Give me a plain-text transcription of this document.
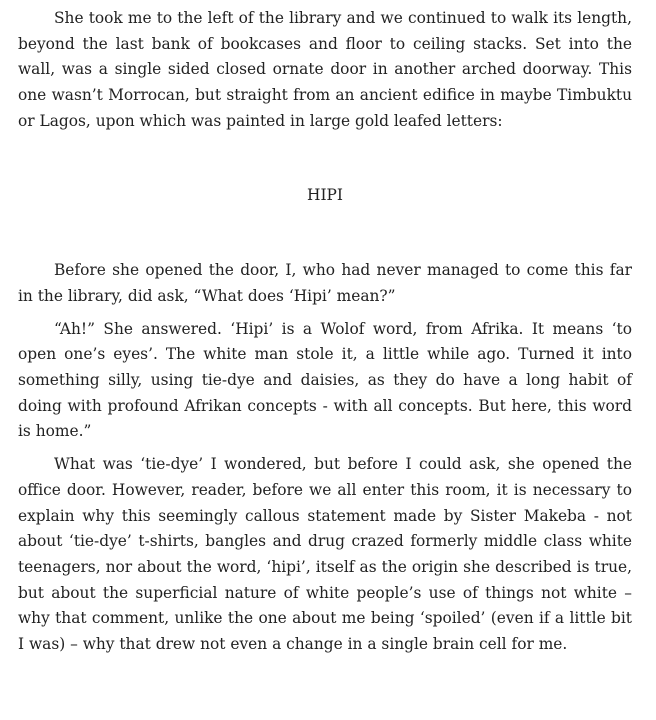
She took me to the left of the library and we continued to walk its length, beyond the last bank of bookcases and floor to ceiling stacks. Set into the wall, was a single sided closed ornate door in another arched doorway. This one wasn’t Morrocan, but straight from an ancient edifice in maybe Timbuktu or Lagos, upon which was painted in large gold leafed letters:

HIPI

Before she opened the door, I, who had never managed to come this far in the library, did ask, “What does ‘Hipi’ mean?”

“Ah!” She answered. ‘Hipi’ is a Wolof word, from Afrika. It means ‘to open one’s eyes’. The white man stole it, a little while ago. Turned it into something silly, using tie-dye and daisies, as they do have a long habit of doing with profound Afrikan concepts - with all concepts. But here, this word is home.”

What was ‘tie-dye’ I wondered, but before I could ask, she opened the office door. However, reader, before we all enter this room, it is necessary to explain why this seemingly callous statement made by Sister Makeba - not about ‘tie-dye’ t-shirts, bangles and drug crazed formerly middle class white teenagers, nor about the word, ‘hipi’, itself as the origin she described is true, but about the superficial nature of white people’s use of things not white – why that comment, unlike the one about me being ‘spoiled’ (even if a little bit I was) – why that drew not even a change in a single brain cell for me.
